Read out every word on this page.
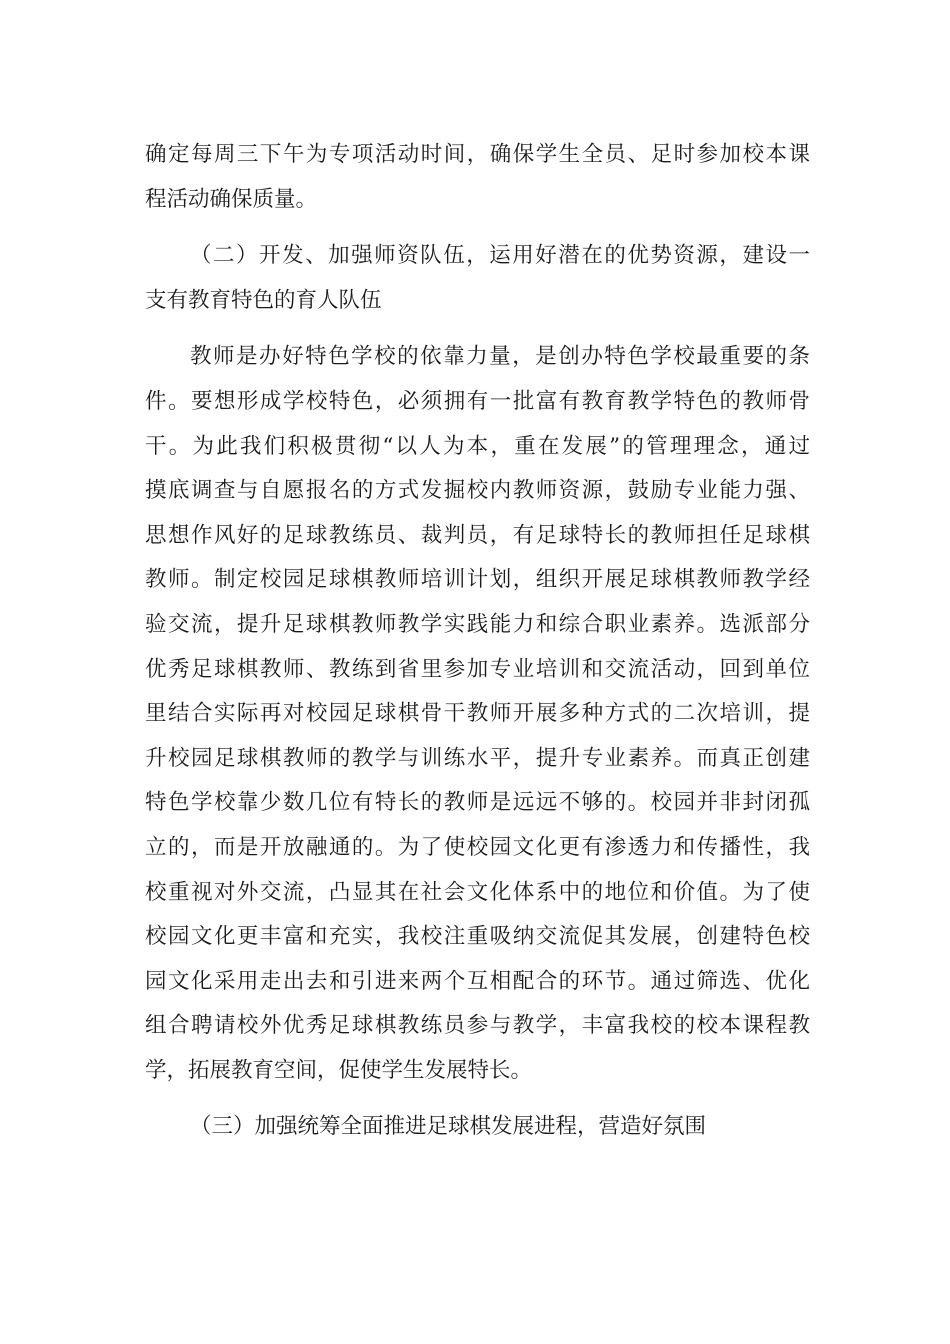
确定每周三下午为专项活动时间，确保学生全员、足时参加校本课
程活动确保质量。
（二）开发、加强师资队伍，运用好潜在的优势资源，建设一
支有教育特色的育人队伍
教师是办好特色学校的依靠力量，是创办特色学校最重要的条
件。要想形成学校特色，必须拥有一批富有教育教学特色的教师骨
干。为此我们积极贯彻“以人为本，重在发展”的管理理念，通过
摸底调查与自愿报名的方式发掘校内教师资源，鼓励专业能力强、
思想作风好的足球教练员、裁判员，有足球特长的教师担任足球棋
教师。制定校园足球棋教师培训计划，组织开展足球棋教师教学经
验交流，提升足球棋教师教学实践能力和综合职业素养。选派部分
优秀足球棋教师、教练到省里参加专业培训和交流活动，回到单位
里结合实际再对校园足球棋骨干教师开展多种方式的二次培训，提
升校园足球棋教师的教学与训练水平，提升专业素养。而真正创建
特色学校靠少数几位有特长的教师是远远不够的。校园并非封闭孤
立的，而是开放融通的。为了使校园文化更有渗透力和传播性，我
校重视对外交流，凸显其在社会文化体系中的地位和价值。为了使
校园文化更丰富和充实，我校注重吸纳交流促其发展，创建特色校
园文化采用走出去和引进来两个互相配合的环节。通过筛选、优化
组合聘请校外优秀足球棋教练员参与教学，丰富我校的校本课程教
学，拓展教育空间，促使学生发展特长。
（三）加强统筹全面推进足球棋发展进程，营造好氛围
